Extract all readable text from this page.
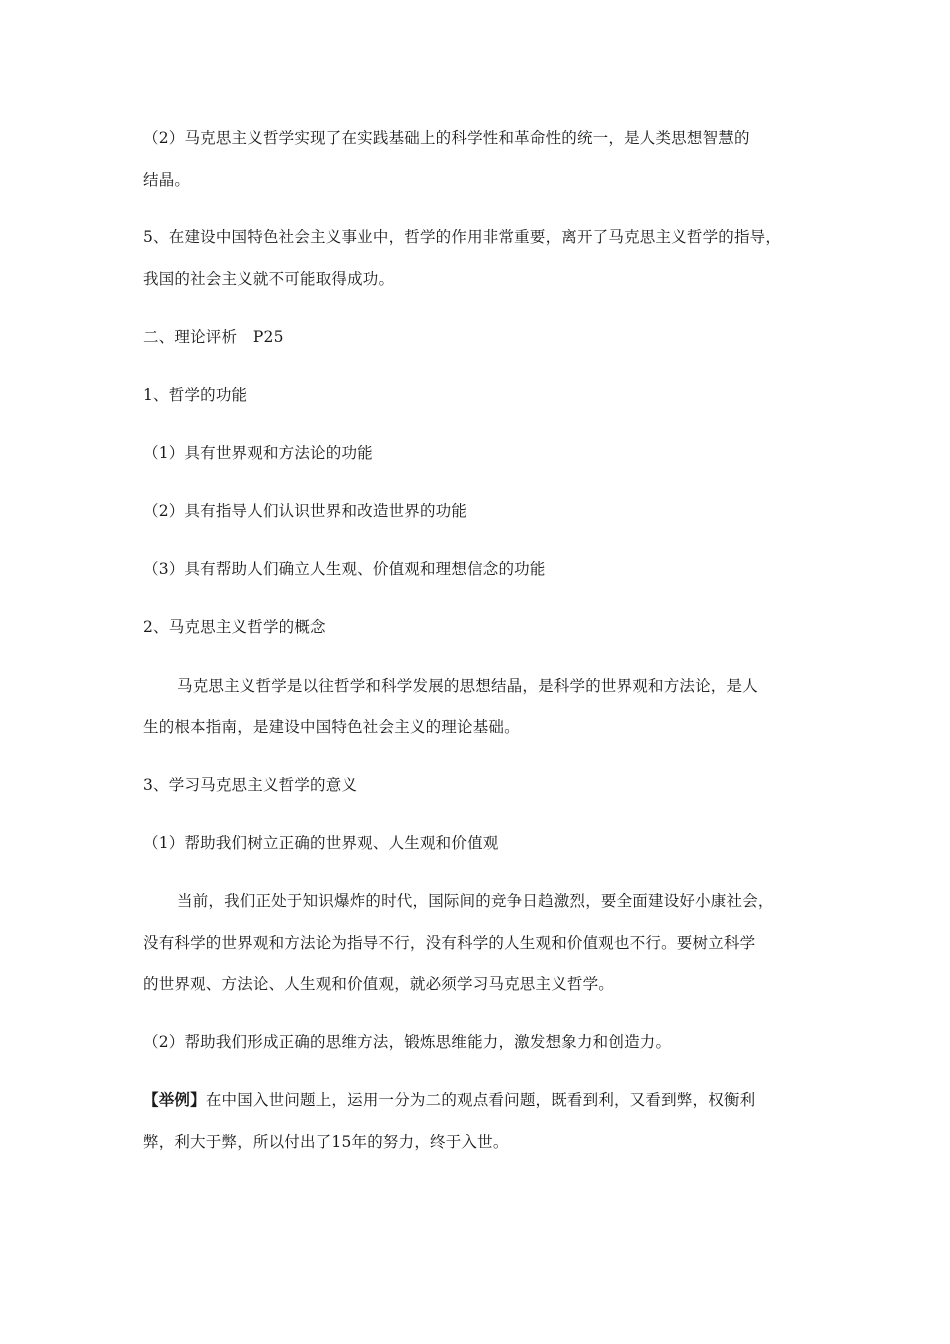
（2）马克思主义哲学实现了在实践基础上的科学性和革命性的统一，是人类思想智慧的
结晶。
5、在建设中国特色社会主义事业中，哲学的作用非常重要，离开了马克思主义哲学的指导，
我国的社会主义就不可能取得成功。
二、理论评析　P25
1、哲学的功能
（1）具有世界观和方法论的功能
（2）具有指导人们认识世界和改造世界的功能
（3）具有帮助人们确立人生观、价值观和理想信念的功能
2、马克思主义哲学的概念
马克思主义哲学是以往哲学和科学发展的思想结晶，是科学的世界观和方法论，是人
生的根本指南，是建设中国特色社会主义的理论基础。
3、学习马克思主义哲学的意义
（1）帮助我们树立正确的世界观、人生观和价值观
当前，我们正处于知识爆炸的时代，国际间的竞争日趋激烈，要全面建设好小康社会，
没有科学的世界观和方法论为指导不行，没有科学的人生观和价值观也不行。要树立科学
的世界观、方法论、人生观和价值观，就必须学习马克思主义哲学。
（2）帮助我们形成正确的思维方法，锻炼思维能力，激发想象力和创造力。
【举例】在中国入世问题上，运用一分为二的观点看问题，既看到利，又看到弊，权衡利
弊，利大于弊，所以付出了15年的努力，终于入世。
